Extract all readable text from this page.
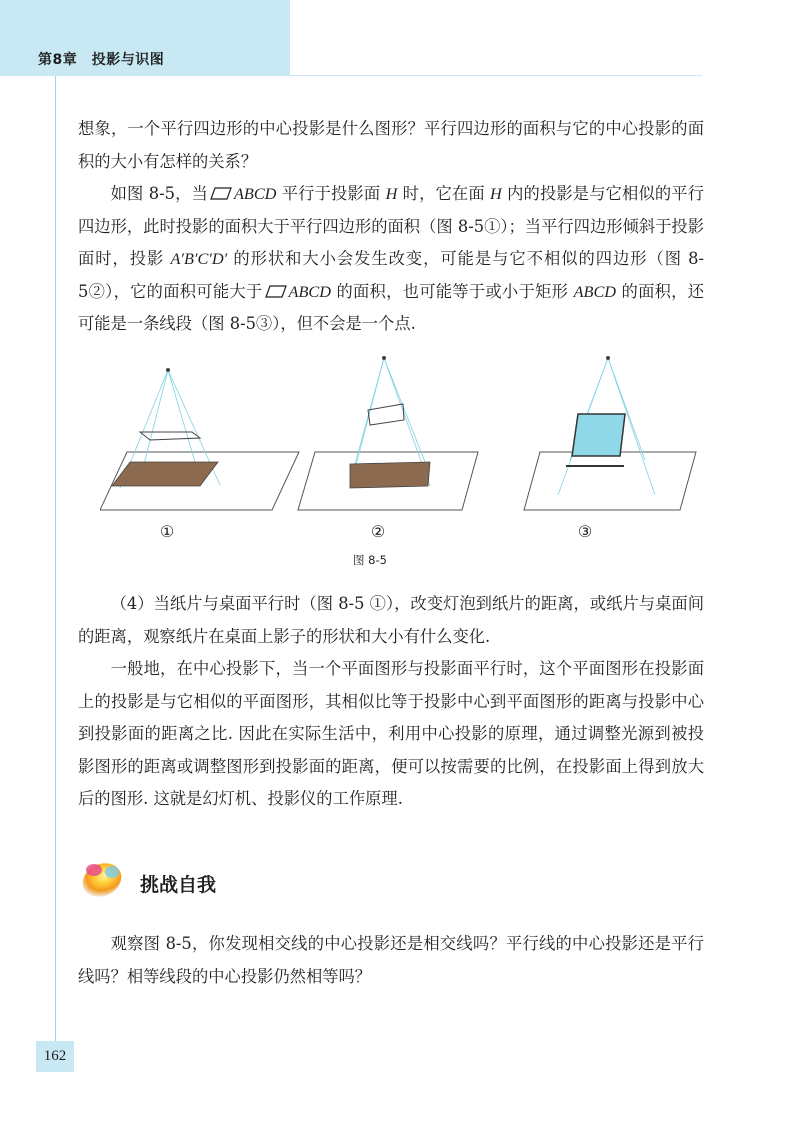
第8章　投影与识图

想象，一个平行四边形的中心投影是什么图形？平行四边形的面积与它的中心投影的面积的大小有怎样的关系？

如图 8-5，当 ABCD 平行于投影面 H 时，它在面 H 内的投影是与它相似的平行四边形，此时投影的面积大于平行四边形的面积（图 8-5①）；当平行四边形倾斜于投影面时，投影 A′B′C′D′ 的形状和大小会发生改变，可能是与它不相似的四边形（图 8-5②），它的面积可能大于 ABCD 的面积，也可能等于或小于矩形 ABCD 的面积，还可能是一条线段（图 8-5③），但不会是一个点.

①	②	③
图 8-5

（4）当纸片与桌面平行时（图 8-5 ①），改变灯泡到纸片的距离，或纸片与桌面间的距离，观察纸片在桌面上影子的形状和大小有什么变化.

一般地，在中心投影下，当一个平面图形与投影面平行时，这个平面图形在投影面上的投影是与它相似的平面图形，其相似比等于投影中心到平面图形的距离与投影中心到投影面的距离之比. 因此在实际生活中，利用中心投影的原理，通过调整光源到被投影图形的距离或调整图形到投影面的距离，便可以按需要的比例，在投影面上得到放大后的图形. 这就是幻灯机、投影仪的工作原理.

挑战自我

观察图 8-5，你发现相交线的中心投影还是相交线吗？平行线的中心投影还是平行线吗？相等线段的中心投影仍然相等吗？

162
